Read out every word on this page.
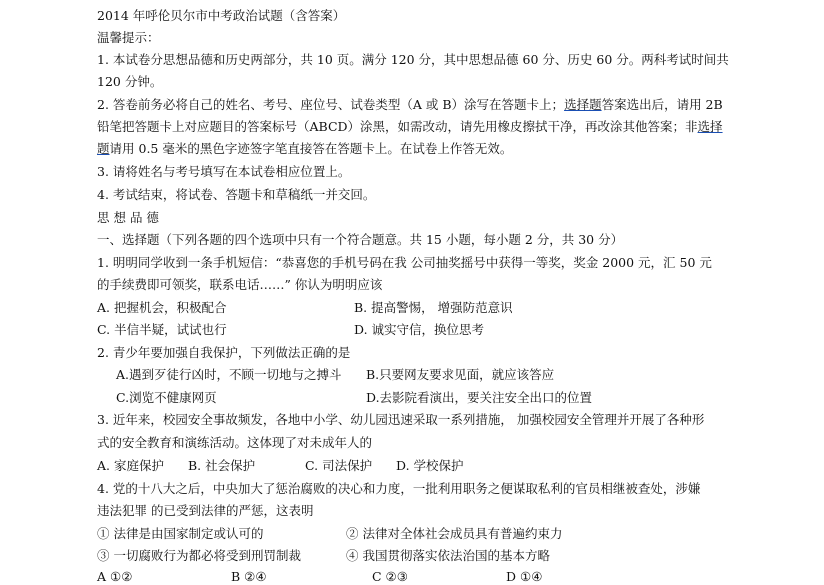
2014 年呼伦贝尔市中考政治试题（含答案）
温馨提示：
1. 本试卷分思想品德和历史两部分，共 10 页。满分 120 分，其中思想品德 60 分、历史 60 分。两科考试时间共
120 分钟。
2. 答卷前务必将自己的姓名、考号、座位号、试卷类型（A 或 B）涂写在答题卡上；选择题答案选出后，请用 2B
铅笔把答题卡上对应题目的答案标号（ABCD）涂黑，如需改动，请先用橡皮擦拭干净，再改涂其他答案；非选择
题请用 0.5 毫米的黑色字迹签字笔直接答在答题卡上。在试卷上作答无效。
3. 请将姓名与考号填写在本试卷相应位置上。
4. 考试结束，将试卷、答题卡和草稿纸一并交回。
思 想 品 德
一、选择题（下列各题的四个选项中只有一个符合题意。共 15 小题，每小题 2 分，共 30 分）
1. 明明同学收到一条手机短信：“恭喜您的手机号码在我 公司抽奖摇号中获得一等奖，奖金 2000 元，汇 50 元
的手续费即可领奖，联系电话……” 你认为明明应该
A. 把握机会，积极配合	B. 提高警惕， 增强防范意识
C. 半信半疑，试试也行	D. 诚实守信，换位思考
2. 青少年要加强自我保护，下列做法正确的是
A.遇到歹徒行凶时，不顾一切地与之搏斗 B.只要网友要求见面，就应该答应
C.浏览不健康网页	D.去影院看演出，要关注安全出口的位置
3. 近年来，校园安全事故频发，各地中小学、幼儿园迅速采取一系列措施， 加强校园安全管理并开展了各种形
式的安全教育和演练活动。这体现了对未成年人的
A. 家庭保护 B. 社会保护	C. 司法保护 D. 学校保护
4. 党的十八大之后，中央加大了惩治腐败的决心和力度，一批利用职务之便谋取私利的官员相继被查处，涉嫌
违法犯罪 的已受到法律的严惩，这表明
① 法律是由国家制定或认可的	② 法律对全体社会成员具有普遍约束力
③ 一切腐败行为都必将受到刑罚制裁	④ 我国贯彻落实依法治国的基本方略
A ①②	B ②④	C ②③	D ①④
